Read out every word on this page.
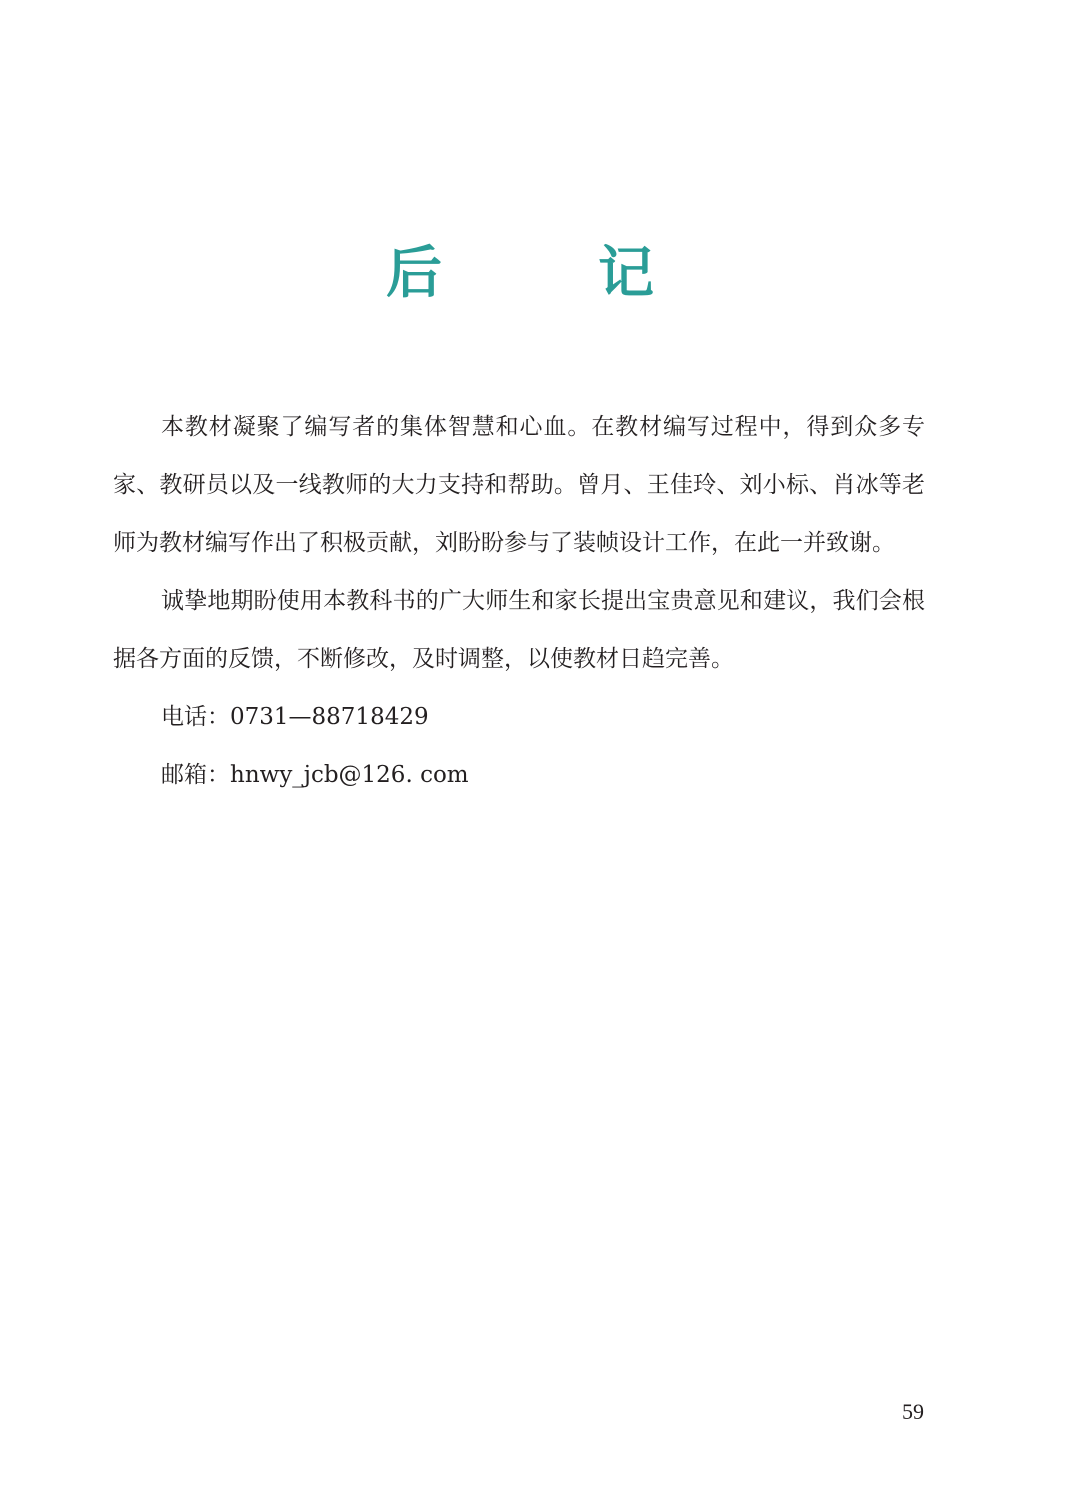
后　记

本教材凝聚了编写者的集体智慧和心血。在教材编写过程中，得到众多专家、教研员以及一线教师的大力支持和帮助。曾月、王佳玲、刘小标、肖冰等老师为教材编写作出了积极贡献，刘盼盼参与了装帧设计工作，在此一并致谢。

诚挚地期盼使用本教科书的广大师生和家长提出宝贵意见和建议，我们会根据各方面的反馈，不断修改，及时调整，以使教材日趋完善。

电话：0731—88718429
邮箱：hnwy_jcb@126. com
59
